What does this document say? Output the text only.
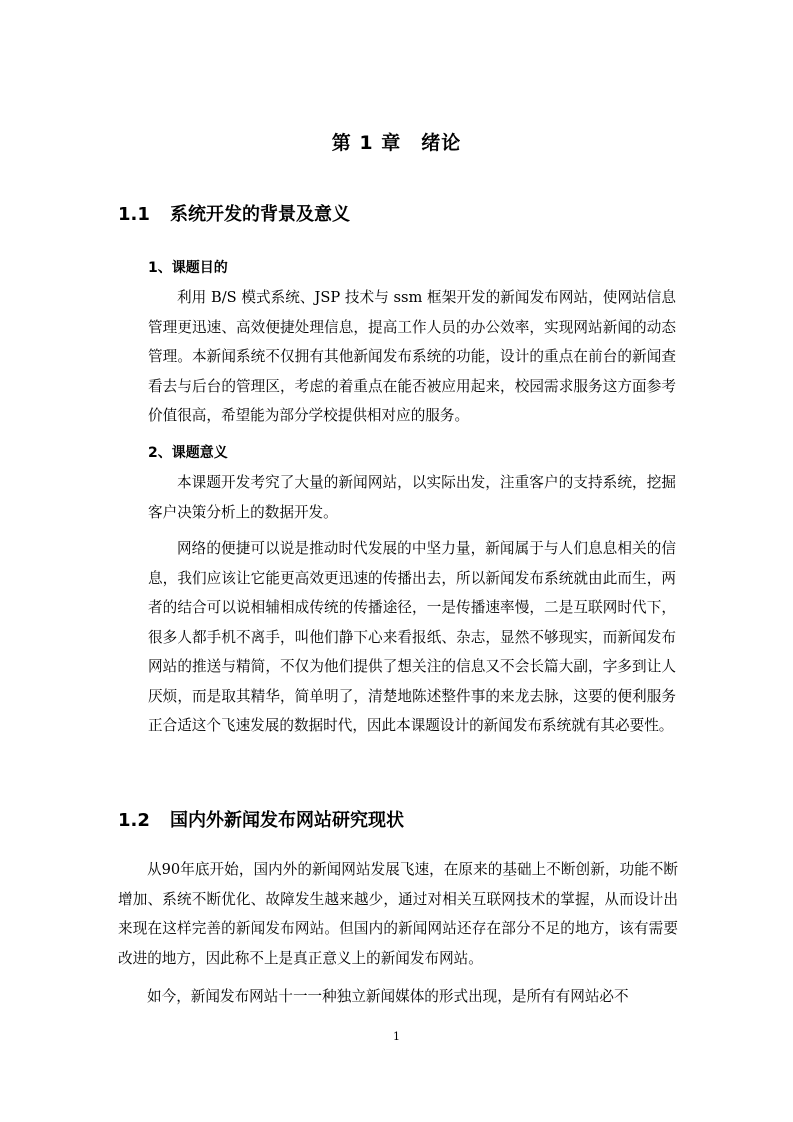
第 1 章　绪论
1.1 系统开发的背景及意义
1、课题目的

利用 B/S 模式系统、JSP 技术与 ssm 框架开发的新闻发布网站，使网站信息管理更迅速、高效便捷处理信息，提高工作人员的办公效率，实现网站新闻的动态管理。本新闻系统不仅拥有其他新闻发布系统的功能，设计的重点在前台的新闻查看去与后台的管理区，考虑的着重点在能否被应用起来，校园需求服务这方面参考价值很高，希望能为部分学校提供相对应的服务。

2、课题意义

本课题开发考究了大量的新闻网站，以实际出发，注重客户的支持系统，挖掘客户决策分析上的数据开发。

网络的便捷可以说是推动时代发展的中坚力量，新闻属于与人们息息相关的信息，我们应该让它能更高效更迅速的传播出去，所以新闻发布系统就由此而生，两者的结合可以说相辅相成传统的传播途径，一是传播速率慢，二是互联网时代下，很多人都手机不离手，叫他们静下心来看报纸、杂志，显然不够现实，而新闻发布网站的推送与精简，不仅为他们提供了想关注的信息又不会长篇大副，字多到让人厌烦，而是取其精华，简单明了，清楚地陈述整件事的来龙去脉，这要的便利服务正合适这个飞速发展的数据时代，因此本课题设计的新闻发布系统就有其必要性。

1.2 国内外新闻发布网站研究现状

从90年底开始，国内外的新闻网站发展飞速，在原来的基础上不断创新，功能不断增加、系统不断优化、故障发生越来越少，通过对相关互联网技术的掌握，从而设计出来现在这样完善的新闻发布网站。但国内的新闻网站还存在部分不足的地方，该有需要改进的地方，因此称不上是真正意义上的新闻发布网站。

如今，新闻发布网站十一一种独立新闻媒体的形式出现，是所有有网站必不

1
